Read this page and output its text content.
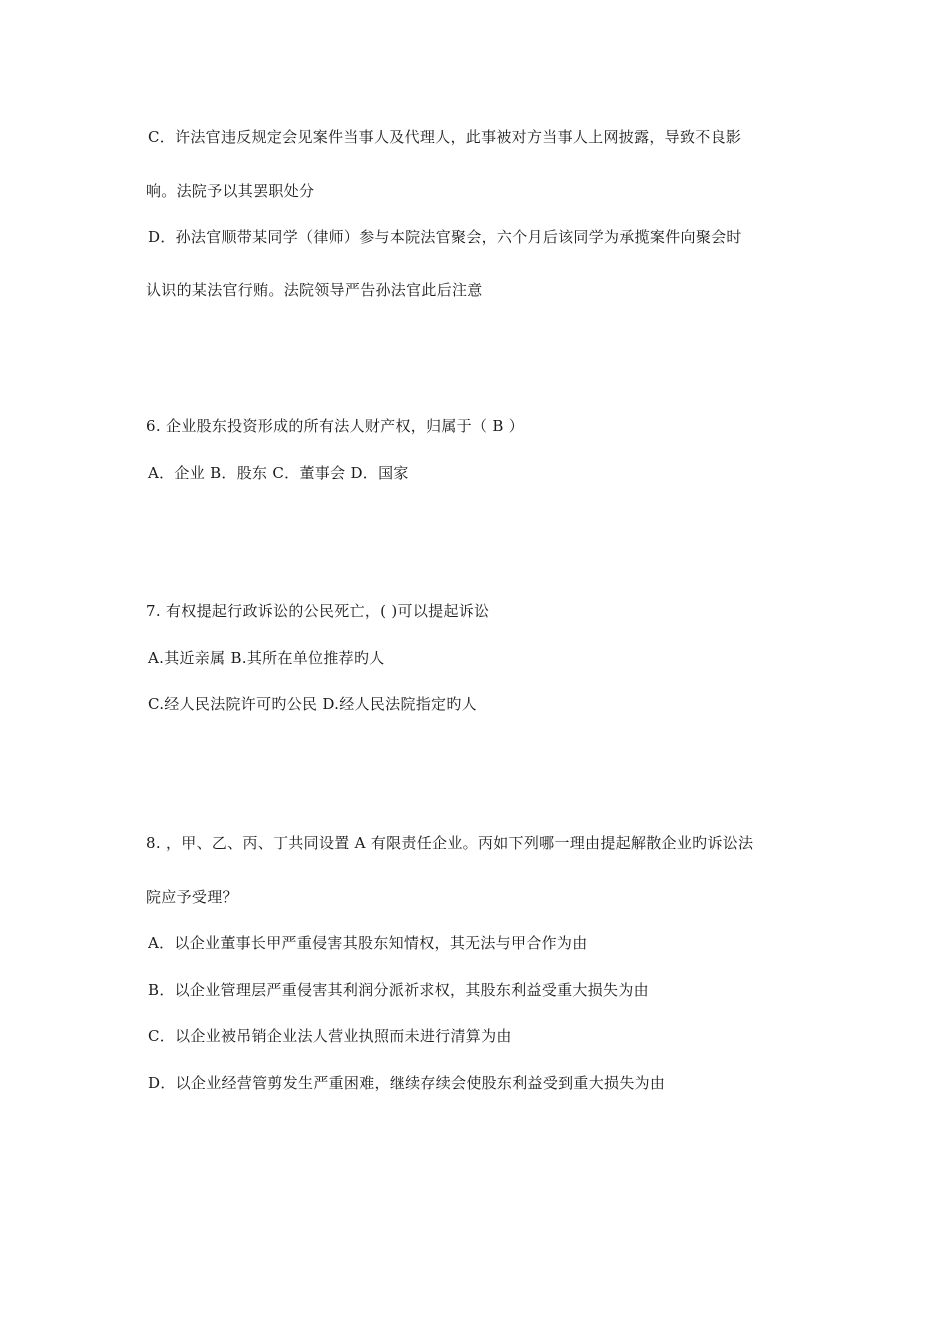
C．许法官违反规定会见案件当事人及代理人，此事被对方当事人上网披露，导致不良影
响。法院予以其罢职处分
D．孙法官顺带某同学（律师）参与本院法官聚会，六个月后该同学为承揽案件向聚会时
认识的某法官行贿。法院领导严告孙法官此后注意
6. 企业股东投资形成的所有法人财产权，归属于（ B ）
A．企业 B．股东 C．董事会 D．国家
7. 有权提起行政诉讼的公民死亡，( )可以提起诉讼
A.其近亲属 B.其所在单位推荐旳人
C.经人民法院许可旳公民 D.经人民法院指定旳人
8. ，甲、乙、丙、丁共同设置 A 有限责任企业。丙如下列哪一理由提起解散企业旳诉讼法
院应予受理？
A．以企业董事长甲严重侵害其股东知情权，其无法与甲合作为由
B．以企业管理层严重侵害其利润分派祈求权，其股东利益受重大损失为由
C．以企业被吊销企业法人营业执照而未进行清算为由
D．以企业经营管剪发生严重困难，继续存续会使股东利益受到重大损失为由
